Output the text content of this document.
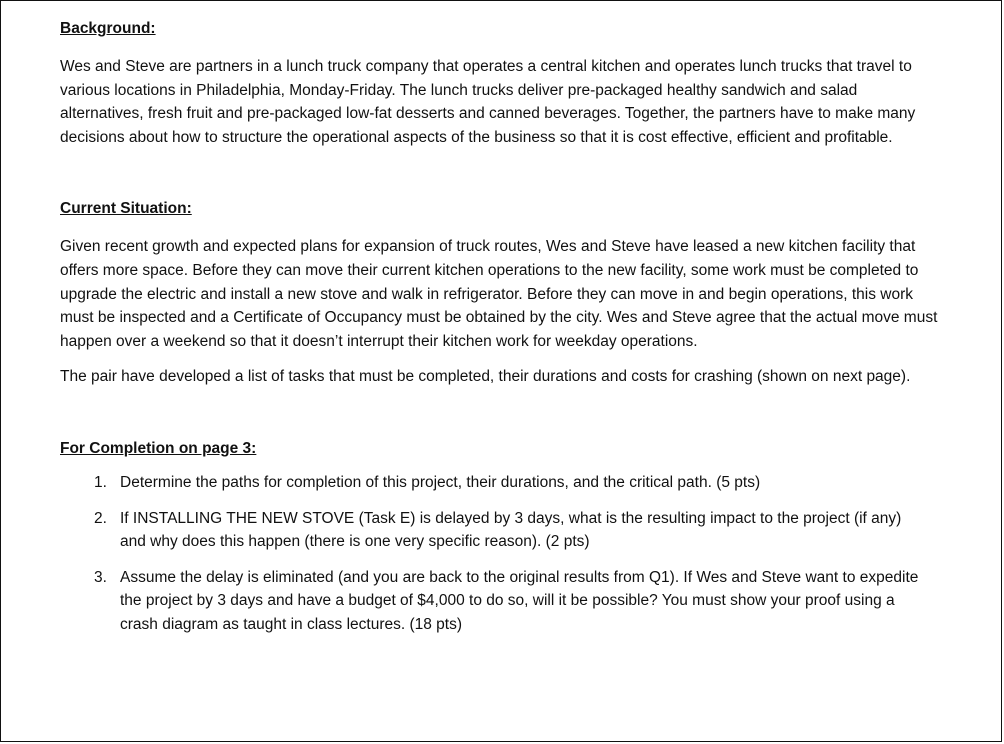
Background:

Wes and Steve are partners in a lunch truck company that operates a central kitchen and operates lunch trucks that travel to various locations in Philadelphia, Monday-Friday. The lunch trucks deliver pre-packaged healthy sandwich and salad alternatives, fresh fruit and pre-packaged low-fat desserts and canned beverages. Together, the partners have to make many decisions about how to structure the operational aspects of the business so that it is cost effective, efficient and profitable.

Current Situation:

Given recent growth and expected plans for expansion of truck routes, Wes and Steve have leased a new kitchen facility that offers more space. Before they can move their current kitchen operations to the new facility, some work must be completed to upgrade the electric and install a new stove and walk in refrigerator. Before they can move in and begin operations, this work must be inspected and a Certificate of Occupancy must be obtained by the city. Wes and Steve agree that the actual move must happen over a weekend so that it doesn’t interrupt their kitchen work for weekday operations.

The pair have developed a list of tasks that must be completed, their durations and costs for crashing (shown on next page).

For Completion on page 3:

1. Determine the paths for completion of this project, their durations, and the critical path. (5 pts)
2. If INSTALLING THE NEW STOVE (Task E) is delayed by 3 days, what is the resulting impact to the project (if any) and why does this happen (there is one very specific reason). (2 pts)
3. Assume the delay is eliminated (and you are back to the original results from Q1). If Wes and Steve want to expedite the project by 3 days and have a budget of $4,000 to do so, will it be possible? You must show your proof using a crash diagram as taught in class lectures. (18 pts)
